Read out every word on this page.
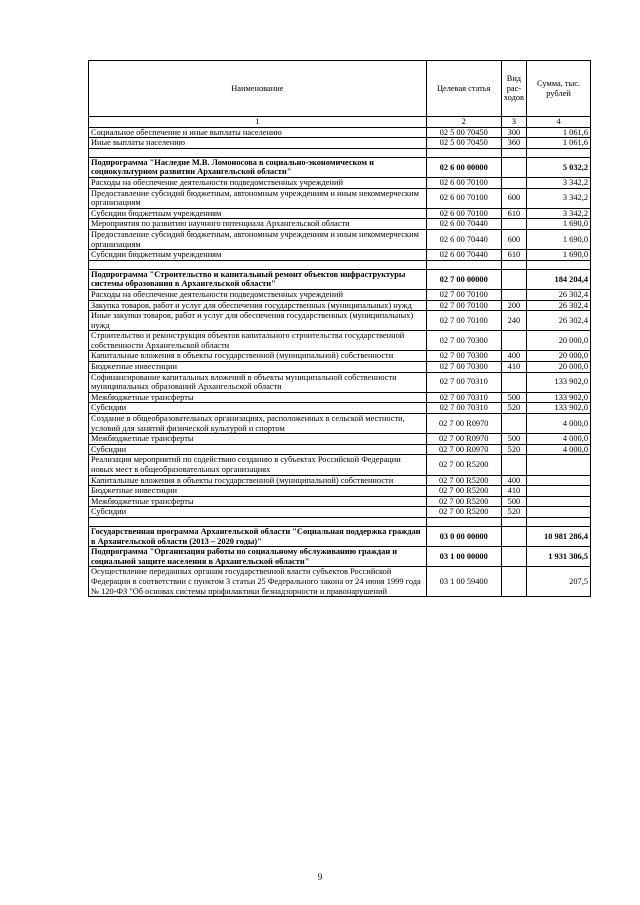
Наименование	Целевая статья	Вид рас-ходов	Сумма, тыс. рублей
1	2	3	4
Социальное обеспечение и иные выплаты населению	02 5 00 70450	300	1 061,6
Иные выплаты населению	02 5 00 70450	360	1 061,6

Подпрограмма "Наследие М.В. Ломоносова в социально-экономическом и социокультурном развитии Архангельской области"	02 6 00 00000		5 032,2
Расходы на обеспечение деятельности подведомственных учреждений	02 6 00 70100		3 342,2
Предоставление субсидий бюджетным, автономным учреждениям и иным некоммерческим организациям	02 6 00 70100	600	3 342,2
Субсидии бюджетным учреждениям	02 6 00 70100	610	3 342,2
Мероприятия по развитию научного потенциала Архангельской области	02 6 00 70440		1 690,0
Предоставление субсидий бюджетным, автономным учреждениям и иным некоммерческим организациям	02 6 00 70440	600	1 690,0
Субсидии бюджетным учреждениям	02 6 00 70440	610	1 690,0

Подпрограмма "Строительство и капитальный ремонт объектов инфраструктуры системы образования в Архангельской области"	02 7 00 00000		184 204,4
Расходы на обеспечение деятельности подведомственных учреждений	02 7 00 70100		26 302,4
Закупка товаров, работ и услуг для обеспечения государственных (муниципальных) нужд	02 7 00 70100	200	26 302,4
Иные закупки товаров, работ и услуг для обеспечения государственных (муниципальных) нужд	02 7 00 70100	240	26 302,4
Строительство и реконструкция объектов капитального строительства государственной собственности Архангельской области	02 7 00 70300		20 000,0
Капитальные вложения в объекты государственной (муниципальной) собственности	02 7 00 70300	400	20 000,0
Бюджетные инвестиции	02 7 00 70300	410	20 000,0
Софинансирование капитальных вложений в объекты муниципальной собственности муниципальных образований Архангельской области	02 7 00 70310		133 902,0
Межбюджетные трансферты	02 7 00 70310	500	133 902,0
Субсидии	02 7 00 70310	520	133 902,0
Создание в общеобразовательных организациях, расположенных в сельской местности, условий для занятий физической культурой и спортом	02 7 00 R0970		4 000,0
Межбюджетные трансферты	02 7 00 R0970	500	4 000,0
Субсидии	02 7 00 R0970	520	4 000,0
Реализация мероприятий по содействию созданию в субъектах Российской Федерации новых мест в общеобразовательных организациях	02 7 00 R5200		
Капитальные вложения в объекты государственной (муниципальной) собственности	02 7 00 R5200	400	
Бюджетные инвестиции	02 7 00 R5200	410	
Межбюджетные трансферты	02 7 00 R5200	500	
Субсидии	02 7 00 R5200	520	

Государственная программа Архангельской области "Социальная поддержка граждан в Архангельской области (2013 – 2020 годы)"	03 0 00 00000		10 981 286,4
Подпрограмма "Организация работы по социальному обслуживанию граждан и социальной защите населения в Архангельской области"	03 1 00 00000		1 931 306,5
Осуществление переданных органам государственной власти субъектов Российской Федерации в соответствии с пунктом 3 статьи 25 Федерального закона от 24 июня 1999 года № 120-ФЗ "Об основах системы профилактики безнадзорности и правонарушений	03 1 00 59400		207,5
9
